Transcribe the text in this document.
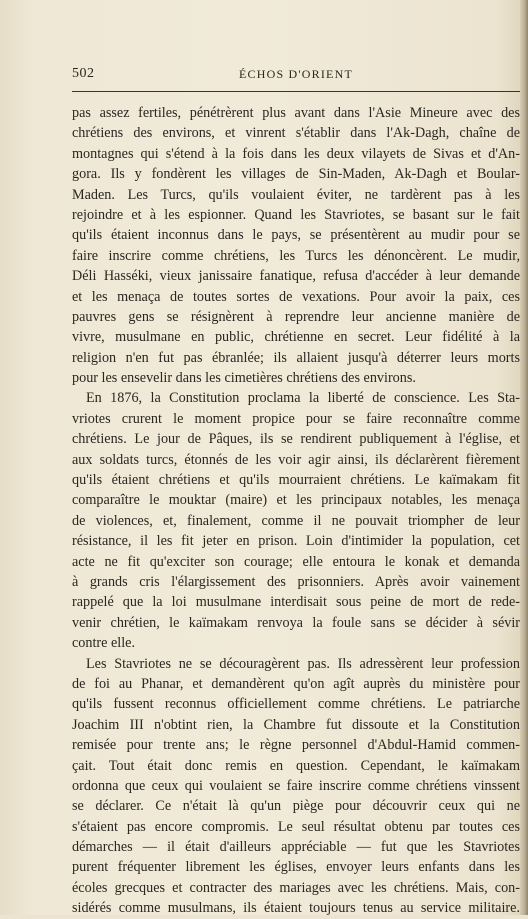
502	ÉCHOS D'ORIENT
pas assez fertiles, pénétrèrent plus avant dans l'Asie Mineure avec des
chrétiens des environs, et vinrent s'établir dans l'Ak-Dagh, chaîne de
montagnes qui s'étend à la fois dans les deux vilayets de Sivas et d'An-
gora. Ils y fondèrent les villages de Sin-Maden, Ak-Dagh et Boular-
Maden. Les Turcs, qu'ils voulaient éviter, ne tardèrent pas à les
rejoindre et à les espionner. Quand les Stavriotes, se basant sur le fait
qu'ils étaient inconnus dans le pays, se présentèrent au mudir pour se
faire inscrire comme chrétiens, les Turcs les dénoncèrent. Le mudir,
Déli Hasséki, vieux janissaire fanatique, refusa d'accéder à leur demande
et les menaça de toutes sortes de vexations. Pour avoir la paix, ces
pauvres gens se résignèrent à reprendre leur ancienne manière de
vivre, musulmane en public, chrétienne en secret. Leur fidélité à la
religion n'en fut pas ébranlée; ils allaient jusqu'à déterrer leurs morts
pour les ensevelir dans les cimetières chrétiens des environs.
En 1876, la Constitution proclama la liberté de conscience. Les Sta-
vriotes crurent le moment propice pour se faire reconnaître comme
chrétiens. Le jour de Pâques, ils se rendirent publiquement à l'église, et
aux soldats turcs, étonnés de les voir agir ainsi, ils déclarèrent fièrement
qu'ils étaient chrétiens et qu'ils mourraient chrétiens. Le kaïmakam fit
comparaître le mouktar (maire) et les principaux notables, les menaça
de violences, et, finalement, comme il ne pouvait triompher de leur
résistance, il les fit jeter en prison. Loin d'intimider la population, cet
acte ne fit qu'exciter son courage; elle entoura le konak et demanda
à grands cris l'élargissement des prisonniers. Après avoir vainement
rappelé que la loi musulmane interdisait sous peine de mort de rede-
venir chrétien, le kaïmakam renvoya la foule sans se décider à sévir
contre elle.
Les Stavriotes ne se découragèrent pas. Ils adressèrent leur profession
de foi au Phanar, et demandèrent qu'on agît auprès du ministère pour
qu'ils fussent reconnus officiellement comme chrétiens. Le patriarche
Joachim III n'obtint rien, la Chambre fut dissoute et la Constitution
remisée pour trente ans; le règne personnel d'Abdul-Hamid commen-
çait. Tout était donc remis en question. Cependant, le kaïmakam
ordonna que ceux qui voulaient se faire inscrire comme chrétiens vinssent
se déclarer. Ce n'était là qu'un piège pour découvrir ceux qui ne
s'étaient pas encore compromis. Le seul résultat obtenu par toutes ces
démarches — il était d'ailleurs appréciable — fut que les Stavriotes
purent fréquenter librement les églises, envoyer leurs enfants dans les
écoles grecques et contracter des mariages avec les chrétiens. Mais, con-
sidérés comme musulmans, ils étaient toujours tenus au service militaire.
